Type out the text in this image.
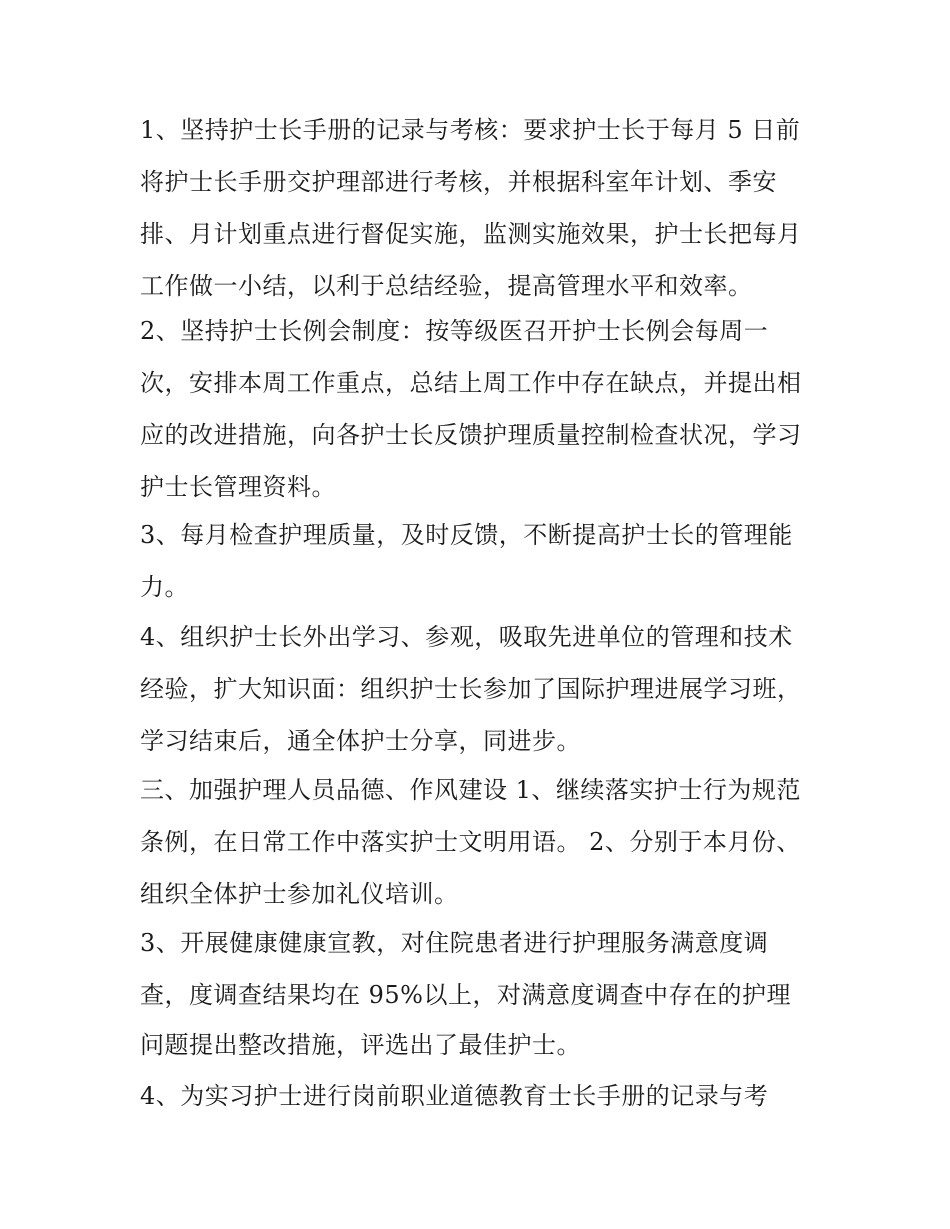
1、坚持护士长手册的记录与考核：要求护士长于每月 5 日前
将护士长手册交护理部进行考核，并根据科室年计划、季安
排、月计划重点进行督促实施，监测实施效果，护士长把每月
工作做一小结，以利于总结经验，提高管理水平和效率。
2、坚持护士长例会制度：按等级医召开护士长例会每周一
次，安排本周工作重点，总结上周工作中存在缺点，并提出相
应的改进措施，向各护士长反馈护理质量控制检查状况，学习
护士长管理资料。
3、每月检查护理质量，及时反馈，不断提高护士长的管理能
力。
4、组织护士长外出学习、参观，吸取先进单位的管理和技术
经验，扩大知识面：组织护士长参加了国际护理进展学习班，
学习结束后，通全体护士分享，同进步。
三、加强护理人员品德、作风建设 1、继续落实护士行为规范
条例，在日常工作中落实护士文明用语。 2、分别于本月份、
组织全体护士参加礼仪培训。
3、开展健康健康宣教，对住院患者进行护理服务满意度调
查，度调查结果均在 95%以上，对满意度调查中存在的护理
问题提出整改措施，评选出了最佳护士。
4、为实习护士进行岗前职业道德教育士长手册的记录与考
